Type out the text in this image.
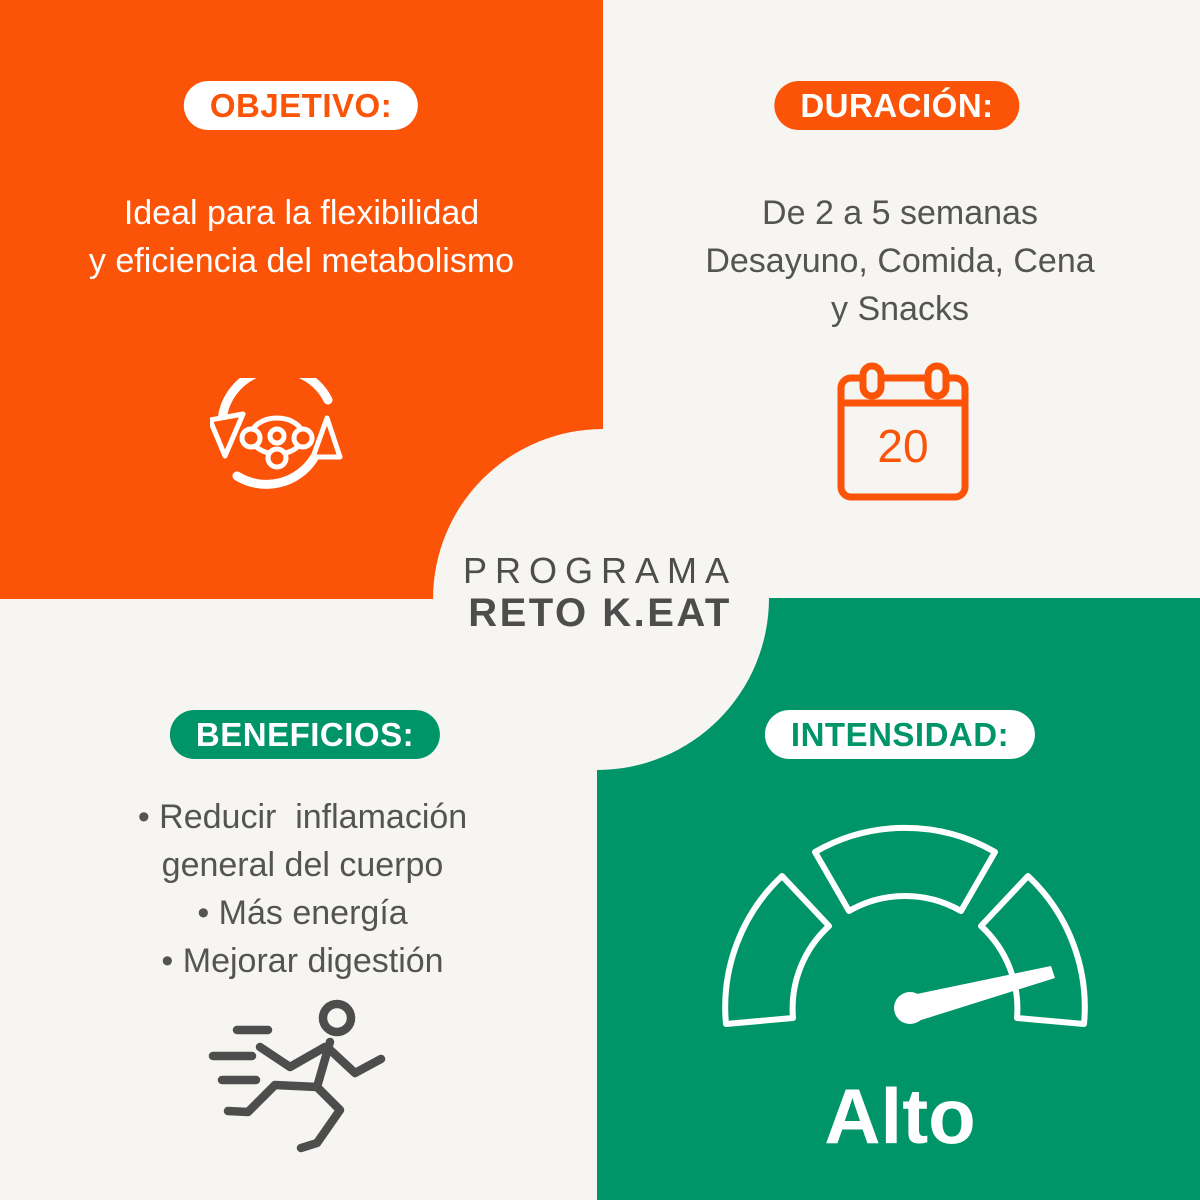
OBJETIVO:
Ideal para la flexibilidad
y eficiencia del metabolismo
DURACIÓN:
De 2 a 5 semanas
Desayuno, Comida, Cena
y Snacks
20
PROGRAMA
RETO K.EAT
BENEFICIOS:
• Reducir  inflamación
general del cuerpo
• Más energía
• Mejorar digestión
INTENSIDAD:
Alto
